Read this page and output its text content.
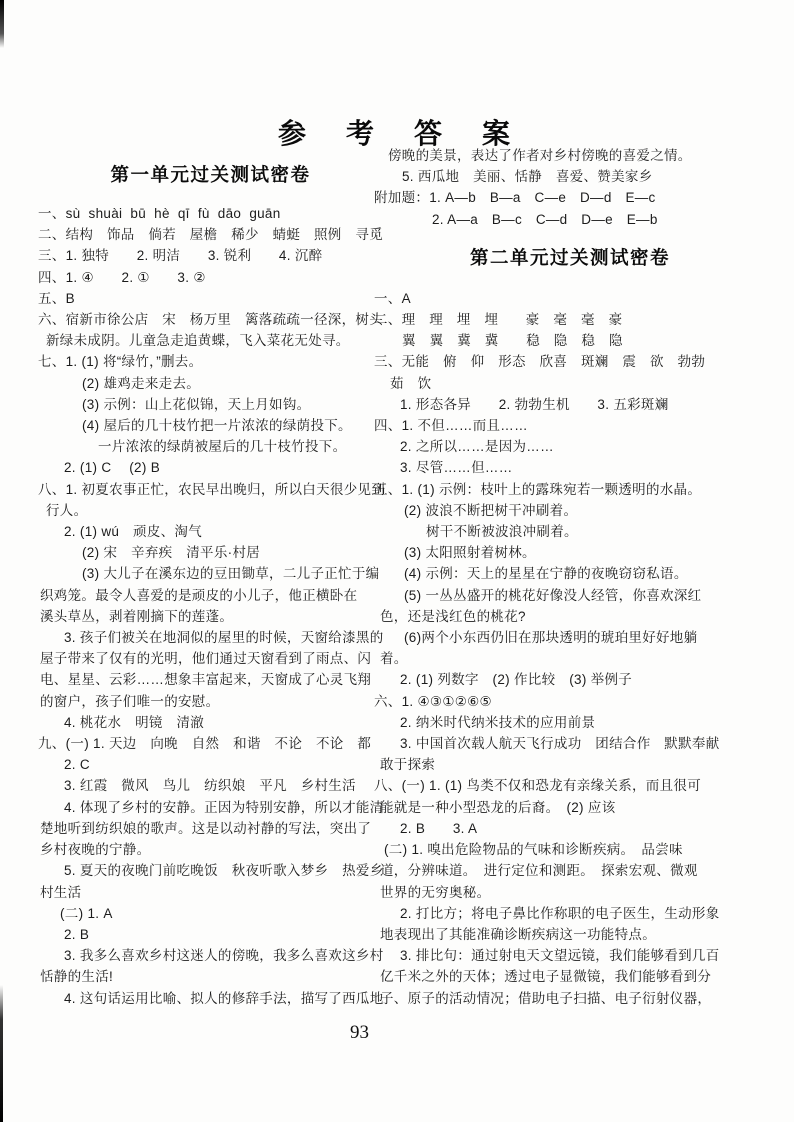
参　考　答　案
第一单元过关测试密卷
一、sù  shuài  bū  hè  qī  fù  dāo  guān
二、结构　饰品　倘若　屋檐　稀少　蜻蜓　照例　寻觅
三、1. 独特　　2. 明洁　　3. 锐利　　4. 沉醉
四、1. ④　　2. ①　　3. ②
五、B
六、宿新市徐公店　宋　杨万里　篱落疏疏一径深，树头
新绿未成阴。儿童急走追黄蝶，飞入菜花无处寻。
七、1. (1) 将“绿竹，”删去。
(2) 雄鸡走来走去。
(3) 示例：山上花似锦，天上月如钩。
(4) 屋后的几十枝竹把一片浓浓的绿荫投下。
一片浓浓的绿荫被屋后的几十枝竹投下。
2. (1) C　 (2) B
八、1. 初夏农事正忙，农民早出晚归，所以白天很少见到
行人。
2. (1) wú　顽皮、淘气
(2) 宋　辛弃疾　清平乐·村居
(3) 大儿子在溪东边的豆田锄草，二儿子正忙于编
织鸡笼。最令人喜爱的是顽皮的小儿子，他正横卧在
溪头草丛，剥着刚摘下的莲蓬。
3. 孩子们被关在地洞似的屋里的时候，天窗给漆黑的
屋子带来了仅有的光明，他们通过天窗看到了雨点、闪
电、星星、云彩……想象丰富起来，天窗成了心灵飞翔
的窗户，孩子们唯一的安慰。
4. 桃花水　明镜　清澈
九、(一) 1. 天边　向晚　自然　和谐　不论　不论　都
2. C
3. 红霞　微风　鸟儿　纺织娘　平凡　乡村生活
4. 体现了乡村的安静。正因为特别安静，所以才能清
楚地听到纺织娘的歌声。这是以动衬静的写法，突出了
乡村夜晚的宁静。
5. 夏天的夜晚门前吃晚饭　秋夜听歌入梦乡　热爱乡
村生活
(二) 1. A
2. B
3. 我多么喜欢乡村这迷人的傍晚，我多么喜欢这乡村
恬静的生活!
4. 这句话运用比喻、拟人的修辞手法，描写了西瓜地
傍晚的美景，表达了作者对乡村傍晚的喜爱之情。
5. 西瓜地　美丽、恬静　喜爱、赞美家乡
附加题：1. A—b　B—a　C—e　D—d　E—c
2. A—a　B—c　C—d　D—e　E—b
第二单元过关测试密卷
一、A
二、理　理　埋　埋　　豪　毫　毫　豪
翼　翼　冀　冀　　稳　隐　稳　隐
三、无能　俯　仰　形态　欣喜　斑斓　震　欲　勃勃
茹　饮
1. 形态各异　　2. 勃勃生机　　3. 五彩斑斓
四、1. 不但……而且……
2. 之所以……是因为……
3. 尽管……但……
五、1. (1) 示例：枝叶上的露珠宛若一颗透明的水晶。
(2) 波浪不断把树干冲刷着。
树干不断被波浪冲刷着。
(3) 太阳照射着树林。
(4) 示例：天上的星星在宁静的夜晚窃窃私语。
(5) 一丛丛盛开的桃花好像没人经管，你喜欢深红
色，还是浅红色的桃花?
(6)两个小东西仍旧在那块透明的琥珀里好好地躺
着。
2. (1) 列数字　(2) 作比较　(3) 举例子
六、1. ④③①②⑥⑤
2. 纳米时代纳米技术的应用前景
3. 中国首次载人航天飞行成功　团结合作　默默奉献
敢于探索
八、(一) 1. (1) 鸟类不仅和恐龙有亲缘关系，而且很可
能就是一种小型恐龙的后裔。　(2) 应该
2. B　　3. A
(二) 1. 嗅出危险物品的气味和诊断疾病。　品尝味
道，分辨味道。　进行定位和测距。　探索宏观、微观
世界的无穷奥秘。
2. 打比方；将电子鼻比作称职的电子医生，生动形象
地表现出了其能准确诊断疾病这一功能特点。
3. 排比句：通过射电天文望远镜，我们能够看到几百
亿千米之外的天体；透过电子显微镜，我们能够看到分
子、原子的活动情况；借助电子扫描、电子衍射仪器，
93
